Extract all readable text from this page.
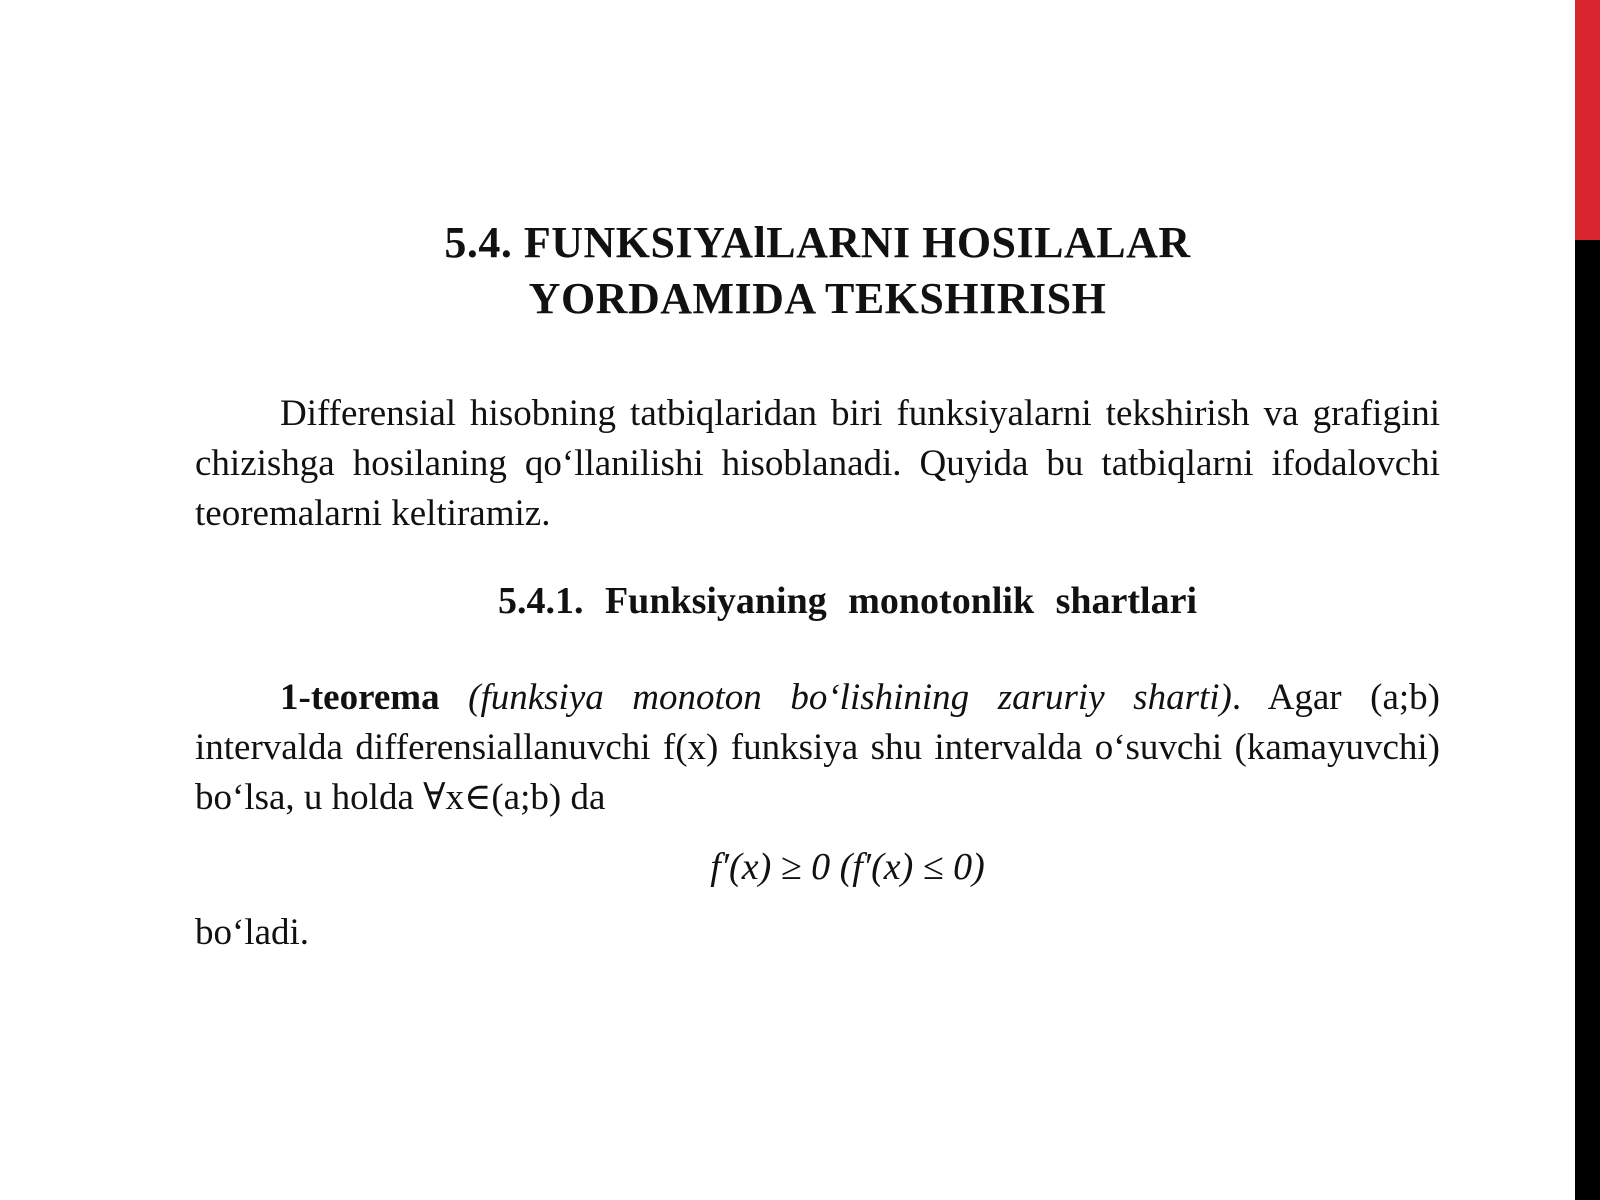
5.4. FUNKSIYAlLARNI HOSILALAR
YORDAMIDA TEKSHIRISH

Differensial hisobning tatbiqlaridan biri funksiyalarni tekshirish va grafigini chizishga hosilaning qo‘llanilishi hisoblanadi. Quyida bu tatbiqlarni ifodalovchi teoremalarni keltiramiz.

5.4.1. Funksiyaning monotonlik shartlari

1-teorema (funksiya monoton bo‘lishining zaruriy sharti). Agar (a;b) intervalda differensiallanuvchi f(x) funksiya shu intervalda o‘suvchi (kamayuvchi) bo‘lsa, u holda ∀x∈(a;b) da

f′(x) ≥ 0 (f′(x) ≤ 0)

bo‘ladi.
